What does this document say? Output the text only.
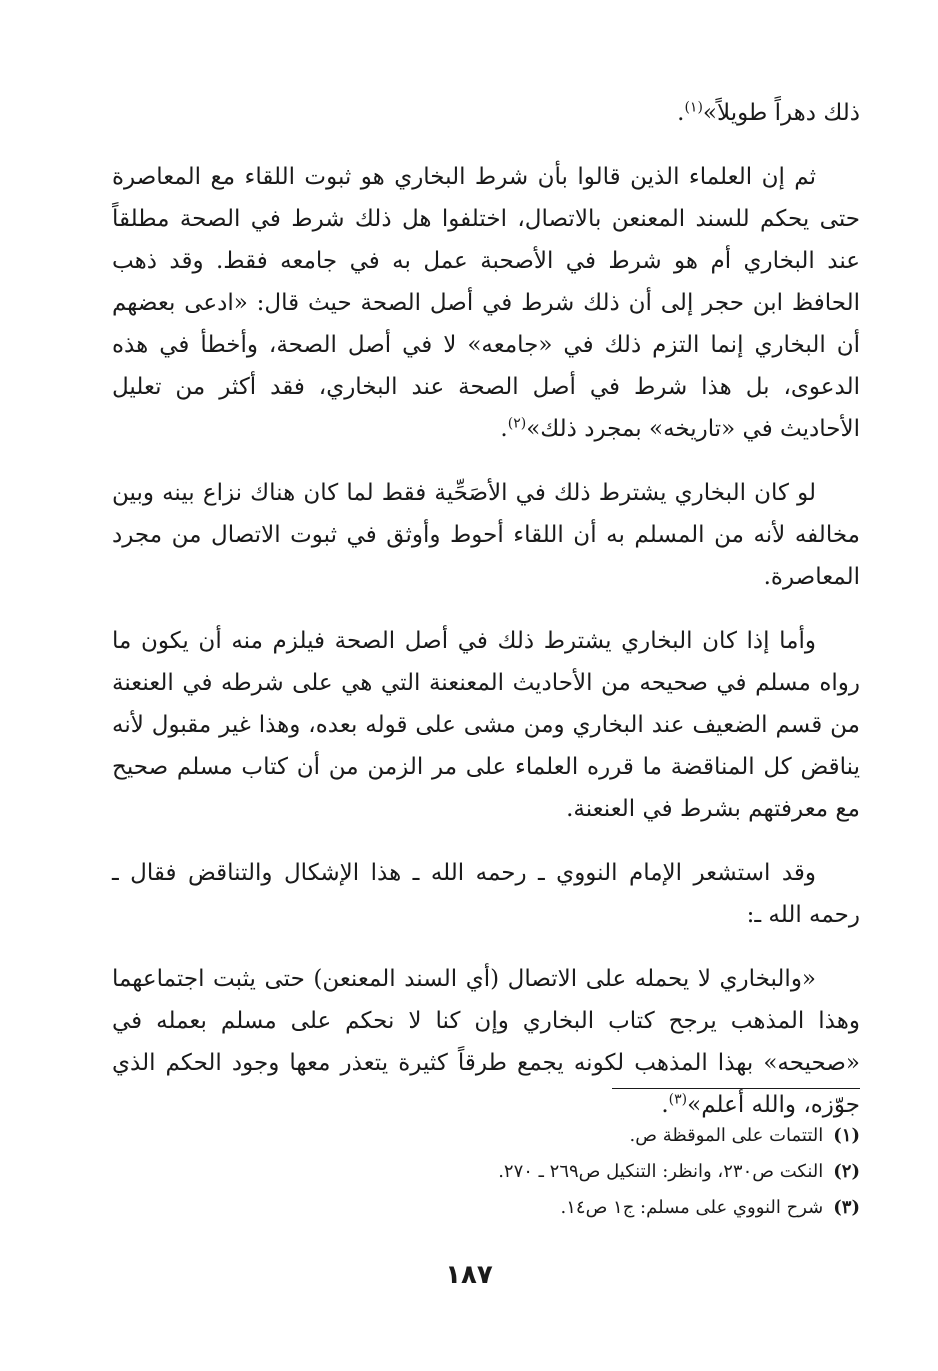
ذلك دهراً طويلاً»$^{(١)}$.

ثم إن العلماء الذين قالوا بأن شرط البخاري هو ثبوت اللقاء مع المعاصرة حتى يحكم للسند المعنعن بالاتصال، اختلفوا هل ذلك شرط في الصحة مطلقاً عند البخاري أم هو شرط في الأصحبة عمل به في جامعه فقط. وقد ذهب الحافظ ابن حجر إلى أن ذلك شرط في أصل الصحة حيث قال: «ادعى بعضهم أن البخاري إنما التزم ذلك في «جامعه» لا في أصل الصحة، وأخطأ في هذه الدعوى، بل هذا شرط في أصل الصحة عند البخاري، فقد أكثر من تعليل الأحاديث في «تاريخه» بمجرد ذلك»$^{(٢)}$.

لو كان البخاري يشترط ذلك في الأصَحِّية فقط لما كان هناك نزاع بينه وبين مخالفه لأنه من المسلم به أن اللقاء أحوط وأوثق في ثبوت الاتصال من مجرد المعاصرة.

وأما إذا كان البخاري يشترط ذلك في أصل الصحة فيلزم منه أن يكون ما رواه مسلم في صحيحه من الأحاديث المعنعنة التي هي على شرطه في العنعنة من قسم الضعيف عند البخاري ومن مشى على قوله بعده، وهذا غير مقبول لأنه يناقض كل المناقضة ما قرره العلماء على مر الزمن من أن كتاب مسلم صحيح مع معرفتهم بشرط في العنعنة.

وقد استشعر الإمام النووي ـ رحمه الله ـ هذا الإشكال والتناقض فقال ـ رحمه الله ـ:

«والبخاري لا يحمله على الاتصال (أي السند المعنعن) حتى يثبت اجتماعهما وهذا المذهب يرجح كتاب البخاري وإن كنا لا نحكم على مسلم بعمله في «صحيحه» بهذا المذهب لكونه يجمع طرقاً كثيرة يتعذر معها وجود الحكم الذي جوّزه، والله أعلم»$^{(٣)}$.

(١)التتمات على الموقظة ص.

(٢)النكت ص٢٣٠، وانظر: التنكيل ص٢٦٩ ـ ٢٧٠.

(٣)شرح النووي على مسلم: ج١ ص١٤.

١٨٧
